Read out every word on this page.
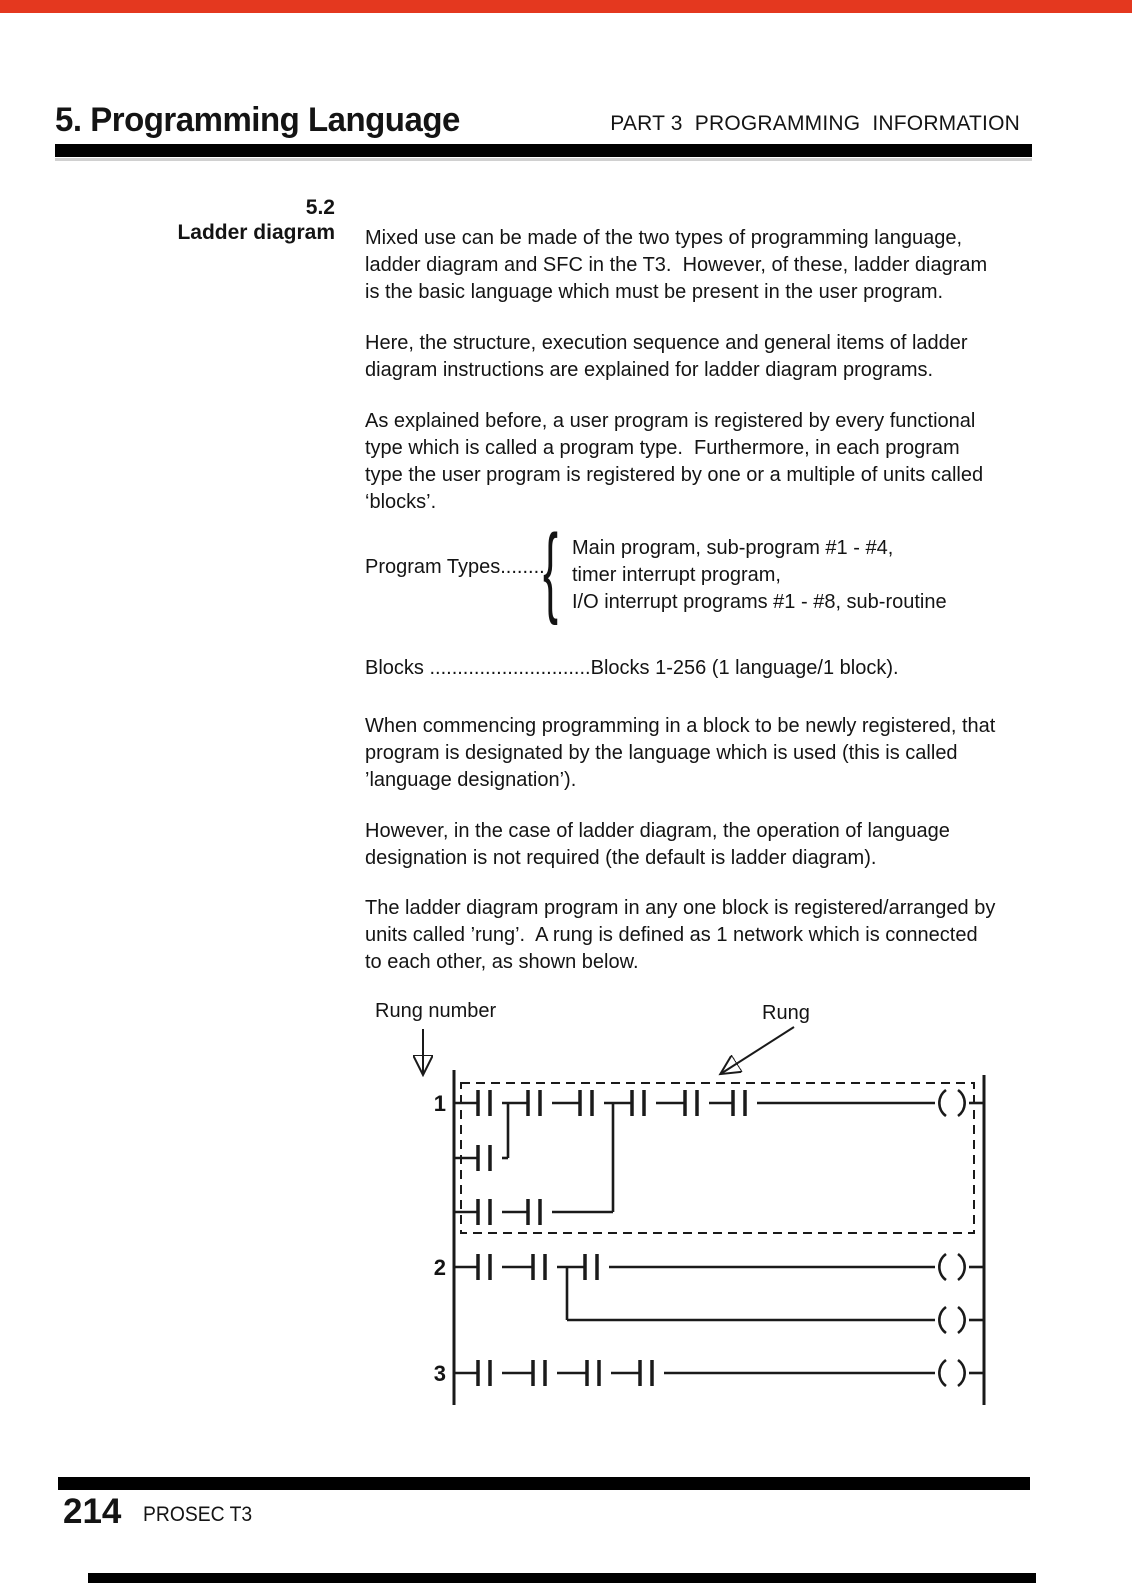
5. Programming Language	PART 3  PROGRAMMING  INFORMATION
5.2
Ladder diagram Mixed use can be made of the two types of programming language,
ladder diagram and SFC in the T3.  However, of these, ladder diagram
is the basic language which must be present in the user program.
Here, the structure, execution sequence and general items of ladder
diagram instructions are explained for ladder diagram programs.
As explained before, a user program is registered by every functional
type which is called a program type.  Furthermore, in each program
type the user program is registered by one or a multiple of units called
‘blocks’.
Program Types........
{ Main program, sub-program #1 - #4,
timer interrupt program,
I/O interrupt programs #1 - #8, sub-routine
Blocks .............................Blocks 1-256 (1 language/1 block).
When commencing programming in a block to be newly registered, that
program is designated by the language which is used (this is called
’language designation’).
However, in the case of ladder diagram, the operation of language
designation is not required (the default is ladder diagram).
The ladder diagram program in any one block is registered/arranged by
units called ’rung’.  A rung is defined as 1 network which is connected
to each other, as shown below.
Rung number	Rung
1
2
3
214 PROSEC T3
